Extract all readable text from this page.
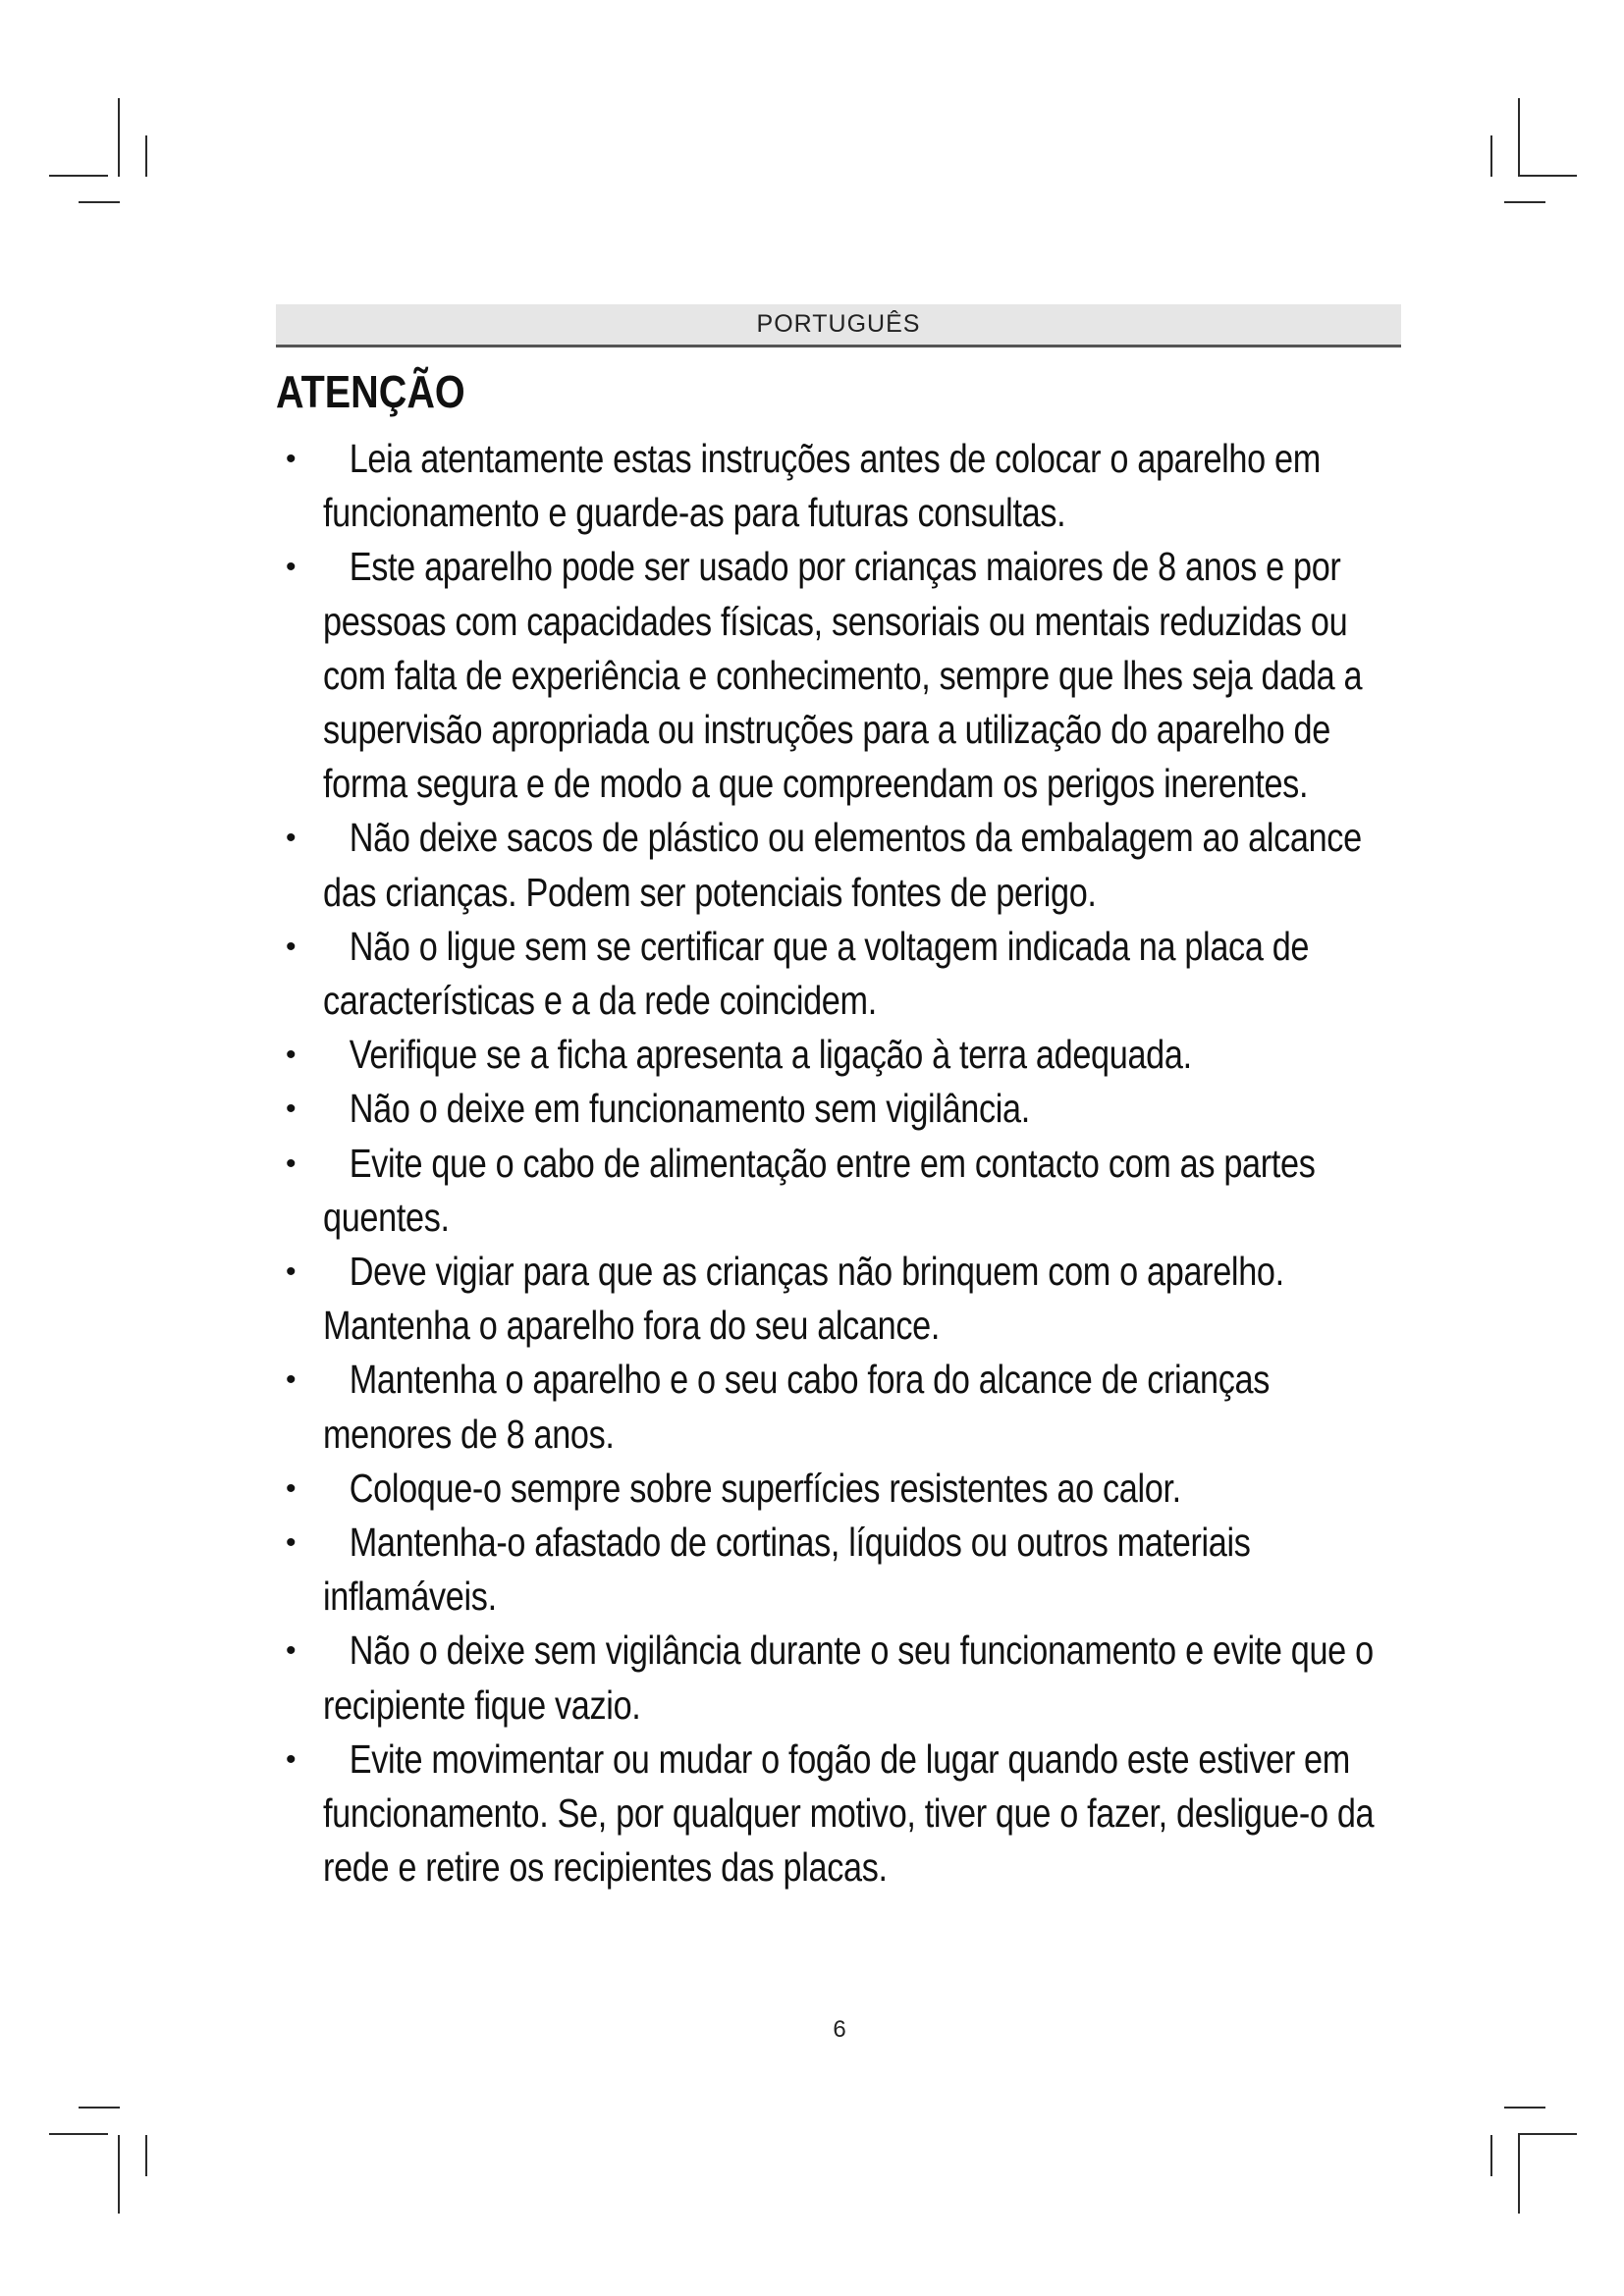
PORTUGUÊS
ATENÇÃO
•	Leia atentamente estas instruções antes de colocar o aparelho em funcionamento e guarde-as para futuras consultas.
•	Este aparelho pode ser usado por crianças maiores de 8 anos e por pessoas com capacidades físicas, sensoriais ou mentais reduzidas ou com falta de experiência e conhecimento, sempre que lhes seja dada a supervisão apropriada ou instruções para a utilização do aparelho de forma segura e de modo a que compreendam os perigos inerentes.
•	Não deixe sacos de plástico ou elementos da embalagem ao alcance das crianças. Podem ser potenciais fontes de perigo.
•	Não o ligue sem se certificar que a voltagem indicada na placa de características e a da rede coincidem.
•	Verifique se a ficha apresenta a ligação à terra adequada.
•	Não o deixe em funcionamento sem vigilância.
•	Evite que o cabo de alimentação entre em contacto com as partes quentes.
•	Deve vigiar para que as crianças não brinquem com o aparelho. Mantenha o aparelho fora do seu alcance.
•	Mantenha o aparelho e o seu cabo fora do alcance de crianças menores de 8 anos.
•	Coloque-o sempre sobre superfícies resistentes ao calor.
•	Mantenha-o afastado de cortinas, líquidos ou outros materiais inflamáveis.
•	Não o deixe sem vigilância durante o seu funcionamento e evite que o recipiente fique vazio.
•	Evite movimentar ou mudar o fogão de lugar quando este estiver em funcionamento. Se, por qualquer motivo, tiver que o fazer, desligue-o da rede e retire os recipientes das placas.
6
